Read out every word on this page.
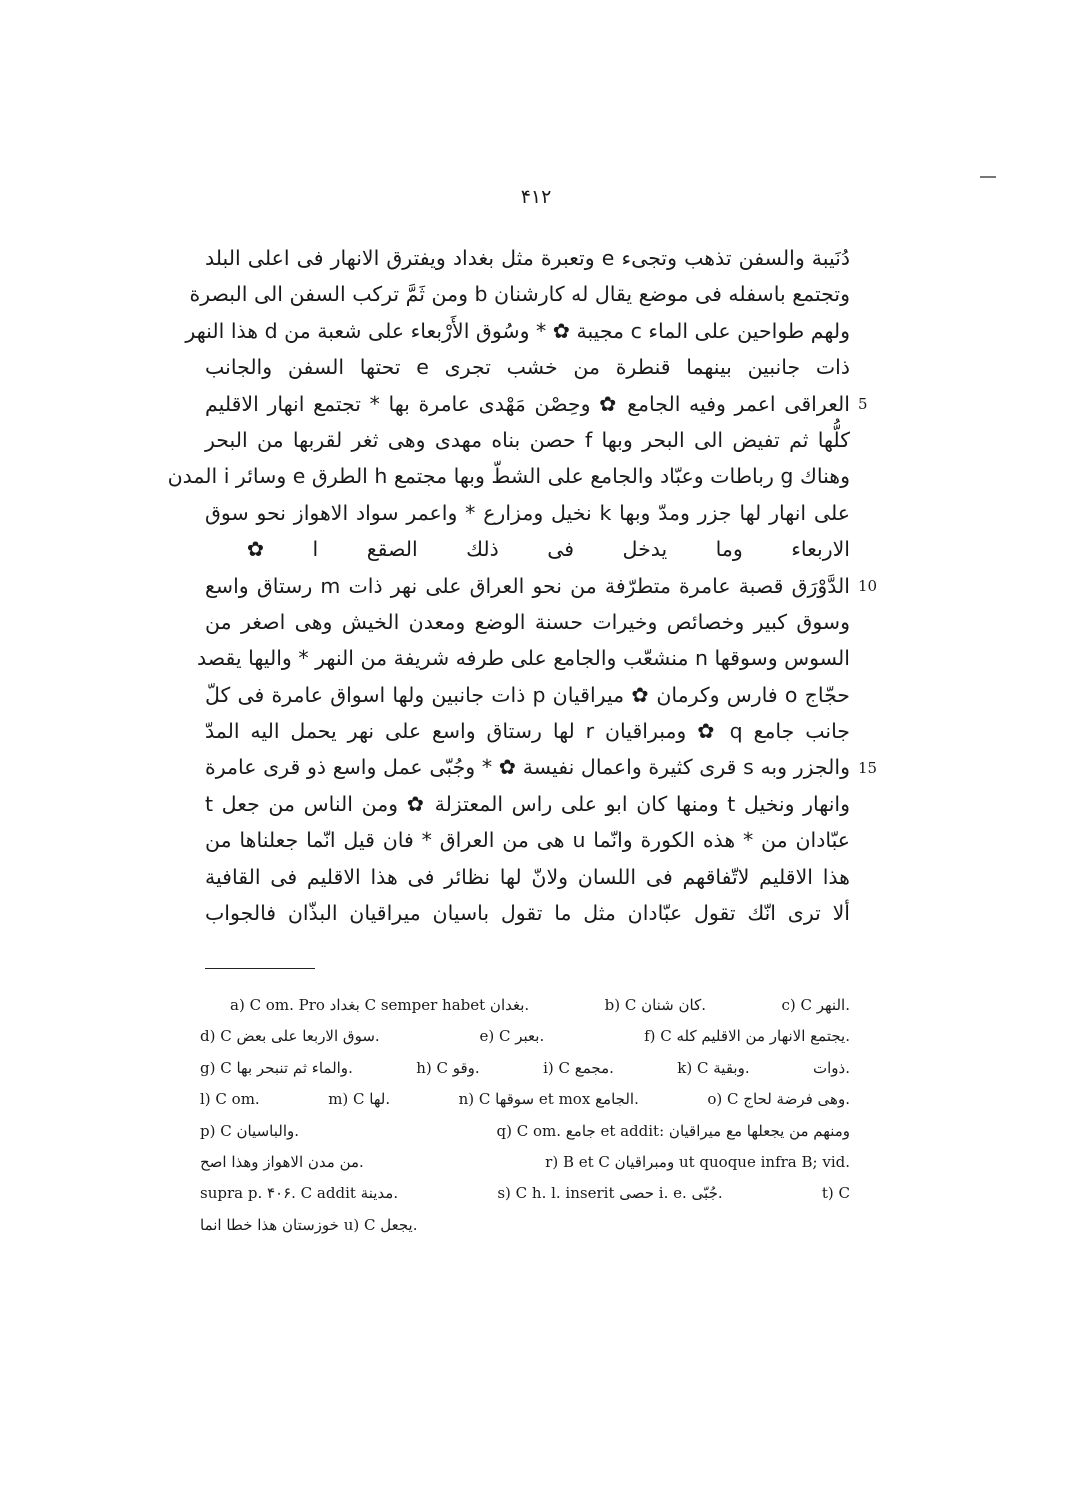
۴۱۲
دُنَيبة والسفن تذهب وتجىء e وتعبرة مثل بغداد ويفترق الانهار فى اعلى البلد
وتجتمع باسفله فى موضع يقال له كارشنان b ومن ثَمَّ تركب السفن الى البصرة
ولهم طواحين على الماء c مجيبة ✿ * وسُوق الأَرْبعاء على شعبة من d هذا النهر
ذات جانبين بينهما قنطرة من خشب تجرى e تحتها السفن والجانب
العراقى اعمر وفيه الجامع ✿ وحِصْن مَهْدى عامرة بها * تجتمع انهار الاقليم
كلُّها ثم تفيض الى البحر وبها f حصن بناه مهدى وهى ثغر لقربها من البحر
وهناك g رباطات وعبّاد والجامع على الشطّ وبها مجتمع h الطرق e وسائر i المدن
على انهار لها جزر ومدّ وبها k نخيل ومزارع * واعمر سواد الاهواز نحو سوق
الاربعاء وما يدخل فى ذلك الصقع l ✿
الدَّوْرَق قصبة عامرة متطرّفة من نحو العراق على نهر ذات m رستاق واسع
وسوق كبير وخصائص وخيرات حسنة الوضع ومعدن الخيش وهى اصغر من
السوس وسوقها n منشعّب والجامع على طرفه شريفة من النهر * واليها يقصد
حجّاج o فارس وكرمان ✿ ميراقيان p ذات جانبين ولها اسواق عامرة فى كلّ
جانب جامع q ✿ ومبراقيان r لها رستاق واسع على نهر يحمل اليه المدّ
والجزر وبه s قرى كثيرة واعمال نفيسة ✿ * وجُبّى عمل واسع ذو قرى عامرة
وانهار ونخيل t ومنها كان ابو على راس المعتزلة ✿ ومن الناس من جعل t
عبّادان من * هذه الكورة وانّما u هى من العراق * فان قيل انّما جعلناها من
هذا الاقليم لاتّفاقهم فى اللسان ولانّ لها نظائر فى هذا الاقليم فى القافية
ألا ترى انّك تقول عبّادان مثل ما تقول باسيان ميراقيان البذّان فالجواب
5
10
15
a) C om. Pro بغداد C semper habet بغدان.	b) C كان شنان.	c) C النهر.
d) C سوق الاربعا على بعض.	e) C بعبر.	f) C يجتمع الانهار من الاقليم كله.
g) C والماء ثم تنبحر بها.	h) C وقو.	i) C مجمع.	k) C وبقية.	ذوات.
l) C om.	m) C لها.	n) C سوقها et mox الجامع.	o) C وهى فرضة لحاج.
p) C والباسيان.	q) C om. جامع et addit: ومنهم من يجعلها مع ميراقيان
من مدن الاهواز وهذا اصح.	r) B et C ومبراقيان ut quoque infra B; vid.
supra p. ۴۰۶. C addit مدينة.	s) C h. l. inserit حصى i. e. جُبّى.	t) C
خوزستان هذا خطا انما u) C يجعل.
